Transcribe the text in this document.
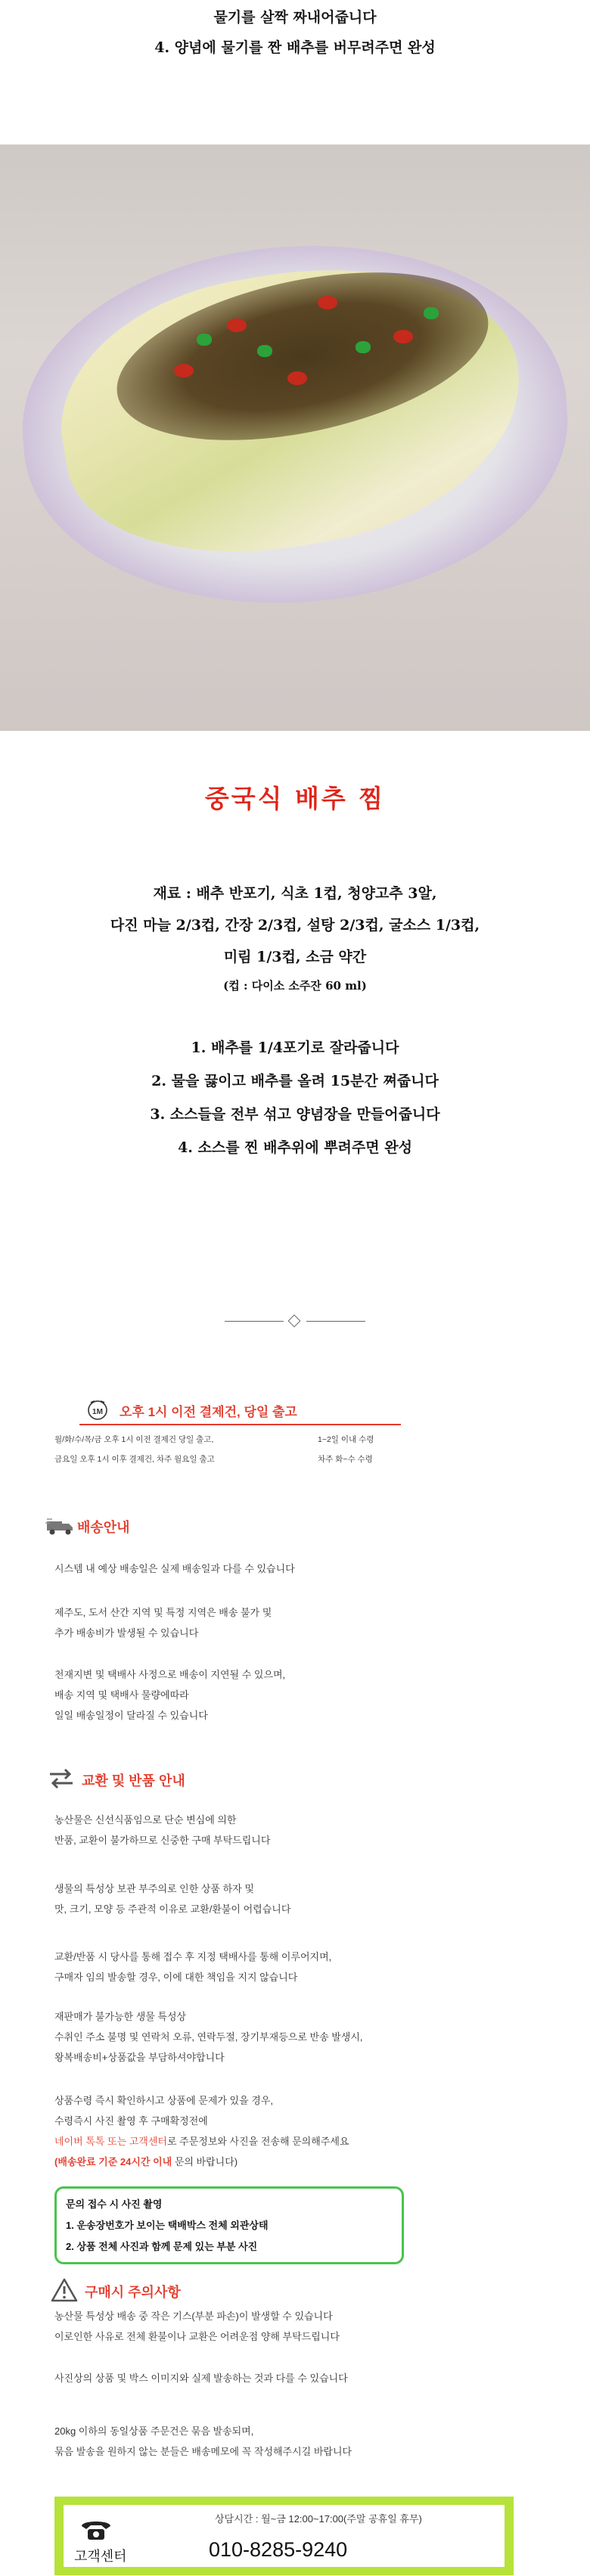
물기를 살짝 짜내어줍니다
4. 양념에 물기를 짠 배추를 버무려주면 완성
중국식 배추 찜
재료 : 배추 반포기, 식초 1컵, 청양고추 3알,
다진 마늘 2/3컵, 간장 2/3컵, 설탕 2/3컵, 굴소스 1/3컵,
미림 1/3컵, 소금 약간
(컵 : 다이소 소주잔 60 ml)
1. 배추를 1/4포기로 잘라줍니다
2. 물을 끓이고 배추를 올려 15분간 쪄줍니다
3. 소스들을 전부 섞고 양념장을 만들어줍니다
4. 소스를 찐 배추위에 뿌려주면 완성
1M 오후 1시 이전 결제건, 당일 출고
월/화/수/목/금 오후 1시 이전 결제건 당일 출고,	1~2일 이내 수령
금요일 오후 1시 이후 결제건, 차주 월요일 출고	차주 화~수 수령
배송안내
시스템 내 예상 배송일은 실제 배송일과 다를 수 있습니다
제주도, 도서 산간 지역 및 특정 지역은 배송 불가 및
추가 배송비가 발생될 수 있습니다
천재지변 및 택배사 사정으로 배송이 지연될 수 있으며,
배송 지역 및 택배사 물량에따라
일일 배송일정이 달라질 수 있습니다
교환 및 반품 안내
농산물은 신선식품임으로 단순 변심에 의한
반품, 교환이 불가하므로 신중한 구매 부탁드립니다
생물의 특성상 보관 부주의로 인한 상품 하자 및
맛, 크기, 모양 등 주관적 이유로 교환/환불이 어렵습니다
교환/반품 시 당사를 통해 접수 후 지정 택배사를 통해 이루어지며,
구매자 임의 발송할 경우, 이에 대한 책임을 지지 않습니다
재판매가 불가능한 생물 특성상
수취인 주소 불명 및 연락처 오류, 연락두절, 장기부재등으로 반송 발생시,
왕복배송비+상품값을 부담하셔야합니다
상품수령 즉시 확인하시고 상품에 문제가 있을 경우,
수령즉시 사진 촬영 후 구매확정전에
네이버 톡톡 또는 고객센터로 주문정보와 사진을 전송해 문의해주세요
(배송완료 기준 24시간 이내 문의 바랍니다)
문의 접수 시 사진 촬영
1. 운송장번호가 보이는 택배박스 전체 외관상태
2. 상품 전체 사진과 함께 문제 있는 부분 사진
구매시 주의사항
농산물 특성상 배송 중 작은 기스(부분 파손)이 발생할 수 있습니다
이로인한 사유로 전체 환불이나 교환은 어려운점 양해 부탁드립니다
사진상의 상품 및 박스 이미지와 실제 발송하는 것과 다를 수 있습니다
20kg 이하의 동일상품 주문건은 묶음 발송되며,
묶음 발송을 원하지 않는 분들은 배송메모에 꼭 작성해주시길 바랍니다
상담시간 : 월~금 12:00~17:00(주말 공휴일 휴무)
고객센터	010-8285-9240
